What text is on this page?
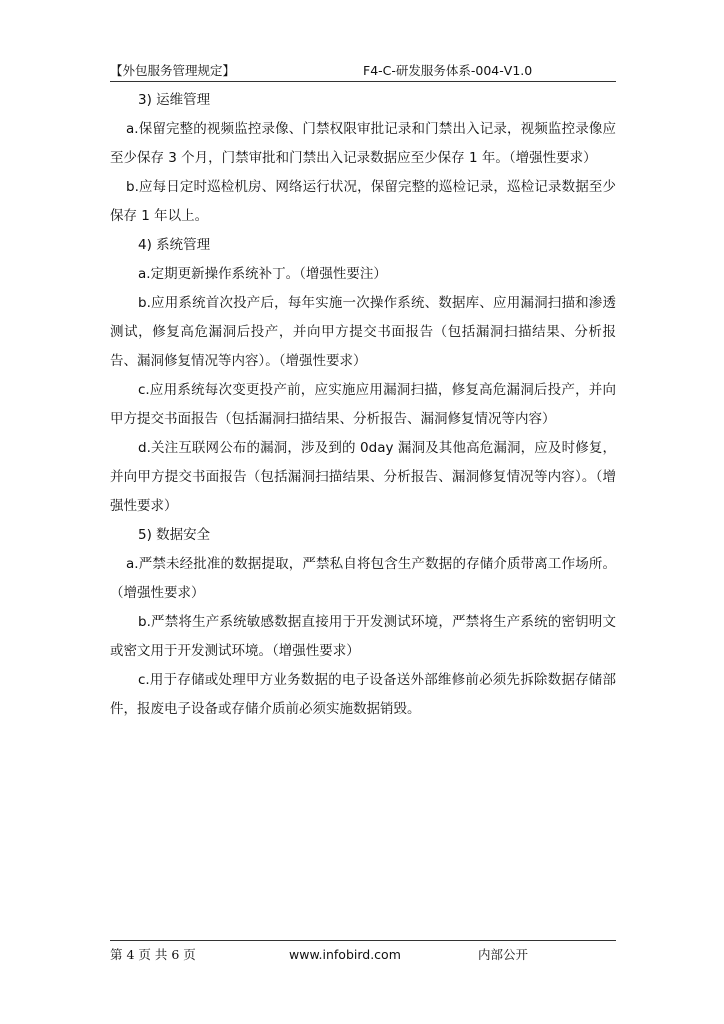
【外包服务管理规定】	F4-C-研发服务体系-004-V1.0

3) 运维管理

a.保留完整的视频监控录像、门禁权限审批记录和门禁出入记录，视频监控录像应至少保存 3 个月，门禁审批和门禁出入记录数据应至少保存 1 年。（增强性要求）

b.应每日定时巡检机房、网络运行状况，保留完整的巡检记录，巡检记录数据至少保存 1 年以上。

4) 系统管理

a.定期更新操作系统补丁。（增强性要注）

b.应用系统首次投产后，每年实施一次操作系统、数据库、应用漏洞扫描和渗透测试，修复高危漏洞后投产，并向甲方提交书面报告（包括漏洞扫描结果、分析报告、漏洞修复情况等内容）。（增强性要求）

c.应用系统每次变更投产前，应实施应用漏洞扫描，修复高危漏洞后投产，并向甲方提交书面报告（包括漏洞扫描结果、分析报告、漏洞修复情况等内容）

d.关注互联网公布的漏洞，涉及到的 0day 漏洞及其他高危漏洞，应及时修复，并向甲方提交书面报告（包括漏洞扫描结果、分析报告、漏洞修复情况等内容）。（增强性要求）

5) 数据安全

a.严禁未经批准的数据提取，严禁私自将包含生产数据的存储介质带离工作场所。（增强性要求）

b.严禁将生产系统敏感数据直接用于开发测试环境，严禁将生产系统的密钥明文或密文用于开发测试环境。（增强性要求）

c.用于存储或处理甲方业务数据的电子设备送外部维修前必须先拆除数据存储部件，报废电子设备或存储介质前必须实施数据销毁。

第 4 页 共 6 页	www.infobird.com	内部公开
